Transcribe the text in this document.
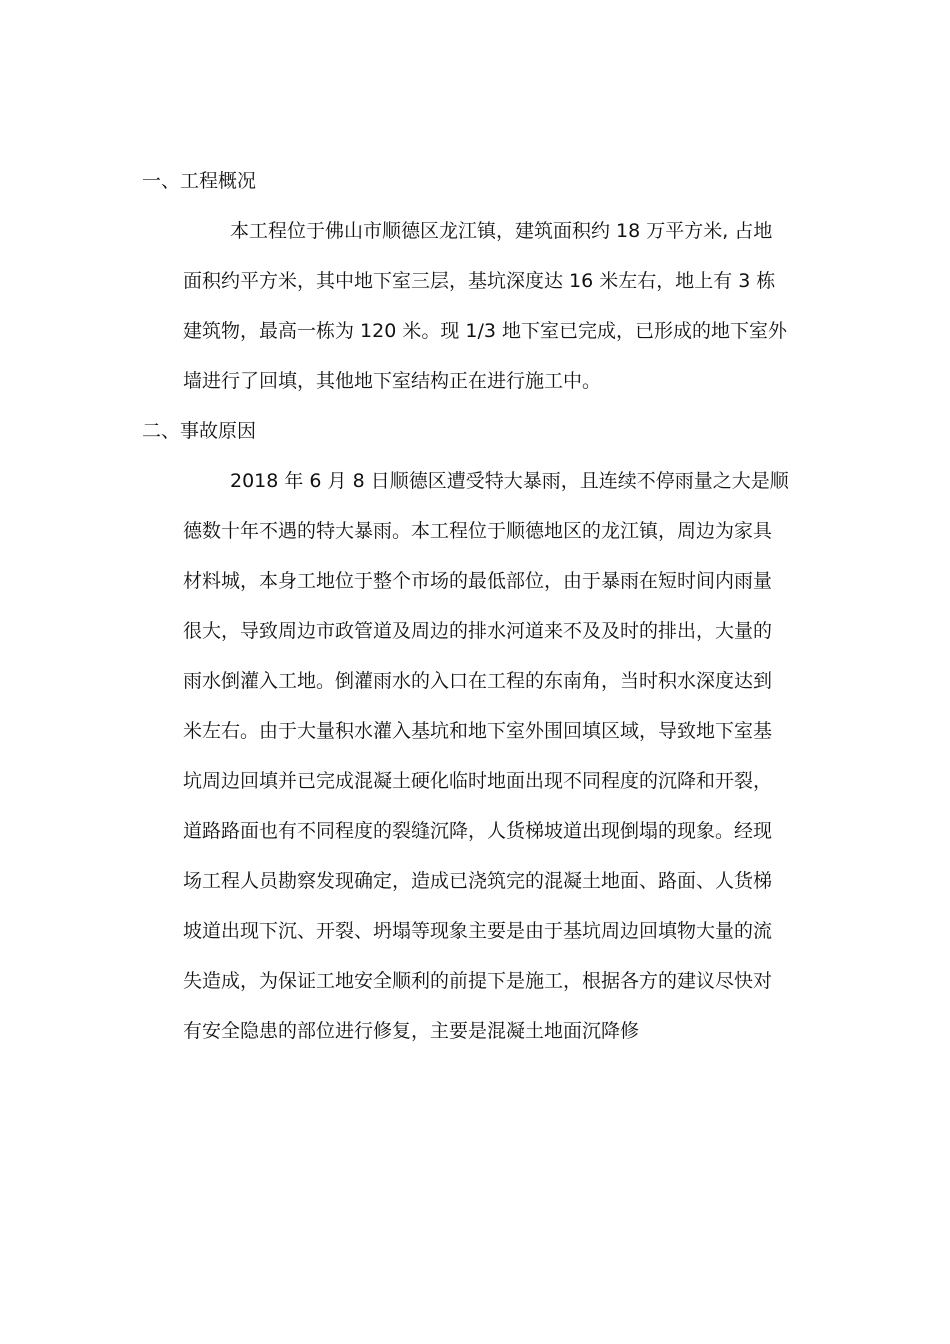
一、工程概况
本工程位于佛山市顺德区龙江镇，建筑面积约 18 万平方米, 占地
面积约平方米，其中地下室三层，基坑深度达 16 米左右，地上有 3 栋
建筑物，最高一栋为 120 米。现 1/3 地下室已完成，已形成的地下室外
墙进行了回填，其他地下室结构正在进行施工中。
二、事故原因
2018 年 6 月 8 日顺德区遭受特大暴雨，且连续不停雨量之大是顺
德数十年不遇的特大暴雨。本工程位于顺德地区的龙江镇，周边为家具
材料城，本身工地位于整个市场的最低部位，由于暴雨在短时间内雨量
很大，导致周边市政管道及周边的排水河道来不及及时的排出，大量的
雨水倒灌入工地。倒灌雨水的入口在工程的东南角，当时积水深度达到
米左右。由于大量积水灌入基坑和地下室外围回填区域，导致地下室基
坑周边回填并已完成混凝土硬化临时地面出现不同程度的沉降和开裂，
道路路面也有不同程度的裂缝沉降，人货梯坡道出现倒塌的现象。经现
场工程人员勘察发现确定，造成已浇筑完的混凝土地面、路面、人货梯
坡道出现下沉、开裂、坍塌等现象主要是由于基坑周边回填物大量的流
失造成，为保证工地安全顺利的前提下是施工，根据各方的建议尽快对
有安全隐患的部位进行修复，主要是混凝土地面沉降修
